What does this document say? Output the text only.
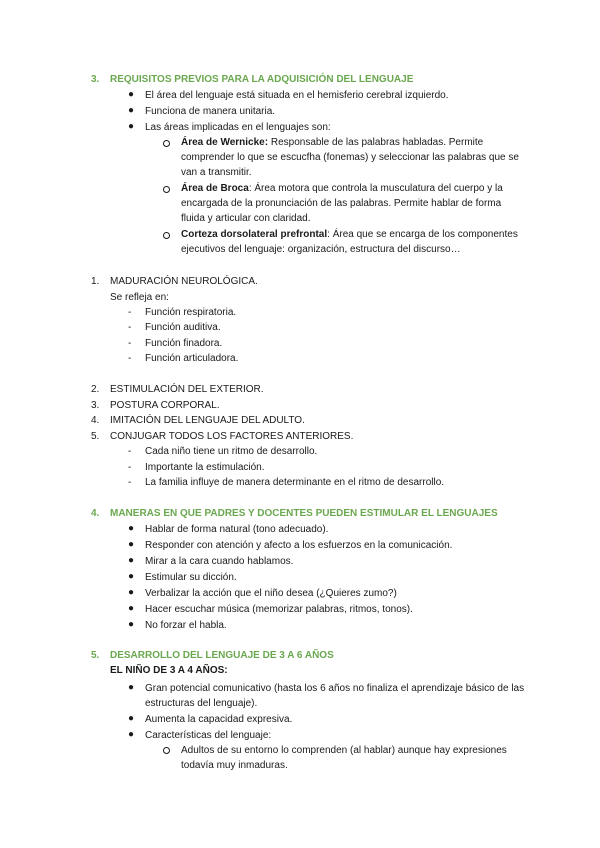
3. REQUISITOS PREVIOS PARA LA ADQUISICIÓN DEL LENGUAJE
● El área del lenguaje está situada en el hemisferio cerebral izquierdo.
● Funciona de manera unitaria.
● Las áreas implicadas en el lenguajes son:
Área de Wernicke: Responsable de las palabras habladas. Permite
comprender lo que se escucfha (fonemas) y seleccionar las palabras que se
van a transmitir.
Área de Broca: Área motora que controla la musculatura del cuerpo y la
encargada de la pronunciación de las palabras. Permite hablar de forma
fluida y articular con claridad.
Corteza dorsolateral prefrontal: Área que se encarga de los componentes
ejecutivos del lenguaje: organización, estructura del discurso…
1. MADURACIÓN NEUROLÓGICA.
Se refleja en:
- Función respiratoria.
- Función auditiva.
- Función finadora.
- Función articuladora.
2. ESTIMULACIÓN DEL EXTERIOR.
3. POSTURA CORPORAL.
4. IMITACIÓN DEL LENGUAJE DEL ADULTO.
5. CONJUGAR TODOS LOS FACTORES ANTERIORES.
- Cada niño tiene un ritmo de desarrollo.
- Importante la estimulación.
- La familia influye de manera determinante en el ritmo de desarrollo.
4. MANERAS EN QUE PADRES Y DOCENTES PUEDEN ESTIMULAR EL LENGUAJES
● Hablar de forma natural (tono adecuado).
● Responder con atención y afecto a los esfuerzos en la comunicación.
● Mirar a la cara cuando hablamos.
● Estimular su dicción.
● Verbalizar la acción que el niño desea (¿Quieres zumo?)
● Hacer escuchar música (memorizar palabras, ritmos, tonos).
● No forzar el habla.
5. DESARROLLO DEL LENGUAJE DE 3 A 6 AÑOS
EL NIÑO DE 3 A 4 AÑOS:
● Gran potencial comunicativo (hasta los 6 años no finaliza el aprendizaje básico de las
estructuras del lenguaje).
● Aumenta la capacidad expresiva.
● Características del lenguaje:
Adultos de su entorno lo comprenden (al hablar) aunque hay expresiones
todavía muy inmaduras.
